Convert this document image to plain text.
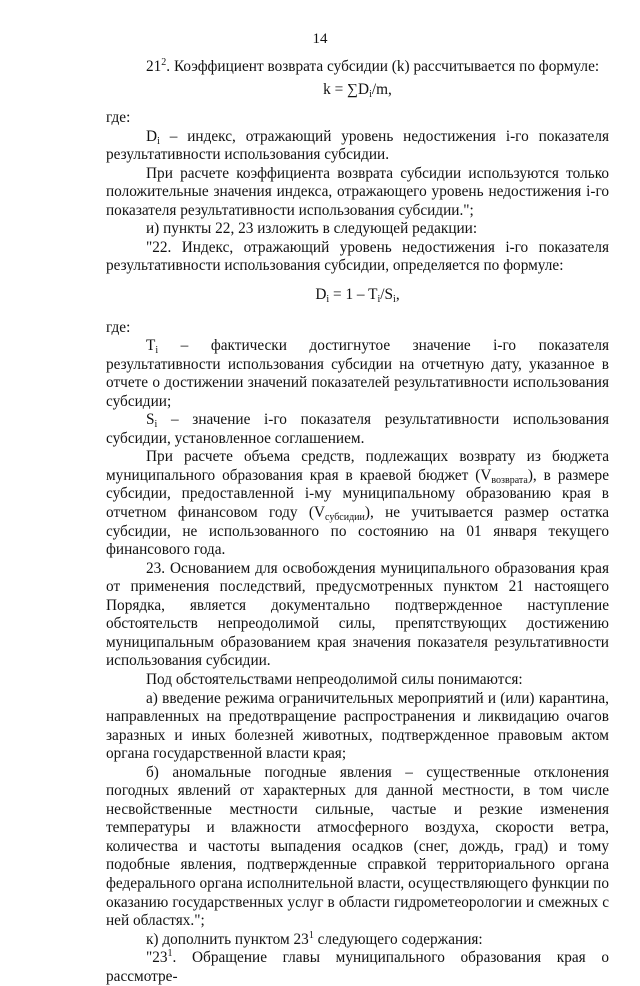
14

$21^2$. Коэффициент возврата субсидии (k) рассчитывается по формуле:

$k = \sum D_i/m$,

где:

$D_i$ – индекс, отражающий уровень недостижения i-го показателя результативности использования субсидии.

При расчете коэффициента возврата субсидии используются только положительные значения индекса, отражающего уровень недостижения i-го показателя результативности использования субсидии.";

и) пункты 22, 23 изложить в следующей редакции:

"22. Индекс, отражающий уровень недостижения i-го показателя результативности использования субсидии, определяется по формуле:

$D_i = 1 - T_i/S_i$,

где:

$T_i$ – фактически достигнутое значение i-го показателя результативности использования субсидии на отчетную дату, указанное в отчете о достижении значений показателей результативности использования субсидии;

$S_i$ – значение i-го показателя результативности использования субсидии, установленное соглашением.

При расчете объема средств, подлежащих возврату из бюджета муниципального образования края в краевой бюджет $(V_{возврата})$, в размере субсидии, предоставленной i-му муниципальному образованию края в отчетном финансовом году $(V_{субсидии})$, не учитывается размер остатка субсидии, не использованного по состоянию на 01 января текущего финансового года.

23. Основанием для освобождения муниципального образования края от применения последствий, предусмотренных пунктом 21 настоящего Порядка, является документально подтвержденное наступление обстоятельств непреодолимой силы, препятствующих достижению муниципальным образованием края значения показателя результативности использования субсидии.

Под обстоятельствами непреодолимой силы понимаются:

а) введение режима ограничительных мероприятий и (или) карантина, направленных на предотвращение распространения и ликвидацию очагов заразных и иных болезней животных, подтвержденное правовым актом органа государственной власти края;

б) аномальные погодные явления – существенные отклонения погодных явлений от характерных для данной местности, в том числе несвойственные местности сильные, частые и резкие изменения температуры и влажности атмосферного воздуха, скорости ветра, количества и частоты выпадения осадков (снег, дождь, град) и тому подобные явления, подтвержденные справкой территориального органа федерального органа исполнительной власти, осуществляющего функции по оказанию государственных услуг в области гидрометеорологии и смежных с ней областях.";

к) дополнить пунктом $23^1$ следующего содержания:

"$23^1$. Обращение главы муниципального образования края о рассмотре-
